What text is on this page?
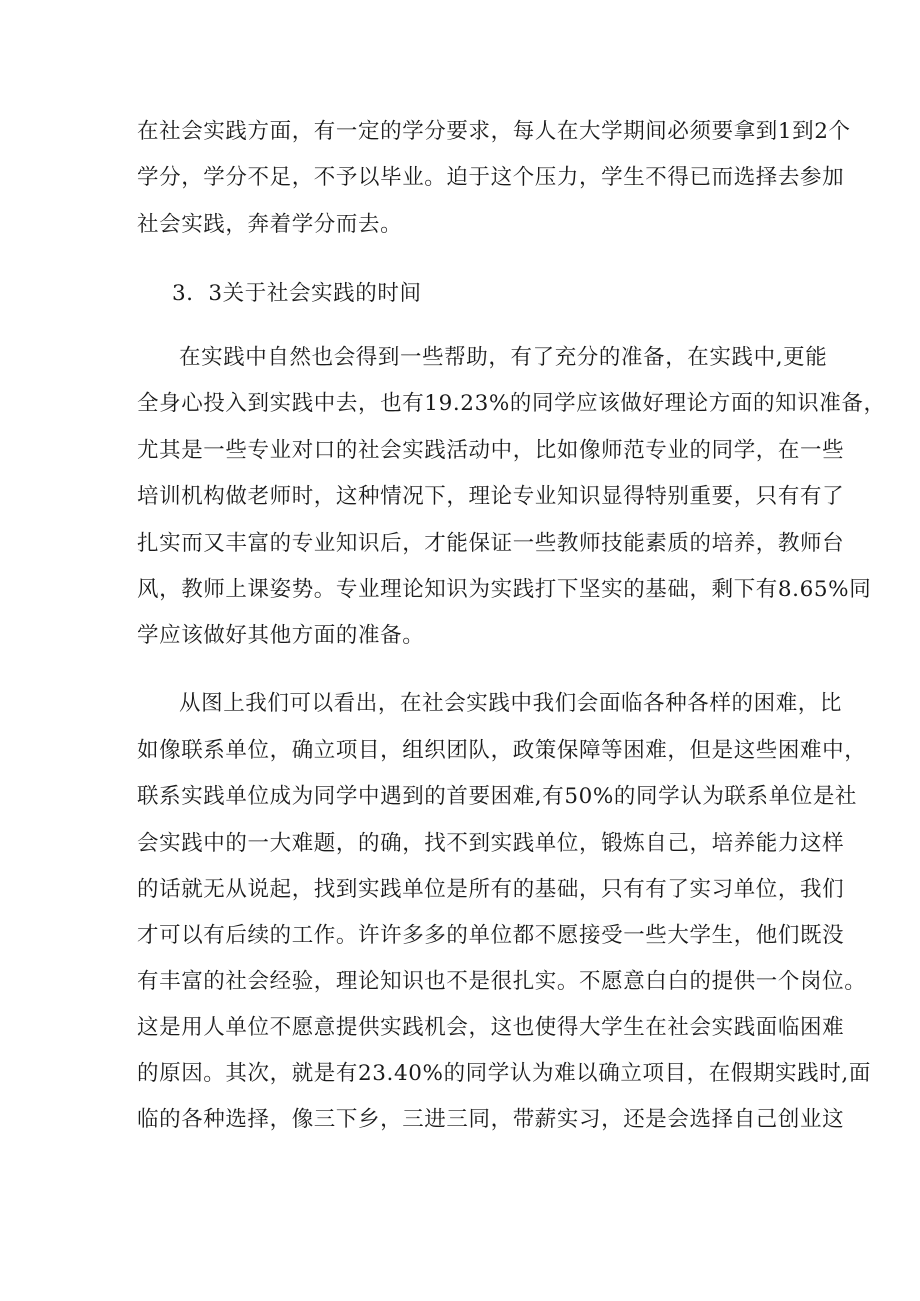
在社会实践方面，有一定的学分要求，每人在大学期间必须要拿到1到2个
学分，学分不足，不予以毕业。迫于这个压力，学生不得已而选择去参加
社会实践，奔着学分而去。
3．3关于社会实践的时间
在实践中自然也会得到一些帮助，有了充分的准备，在实践中,更能
全身心投入到实践中去，也有19.23%的同学应该做好理论方面的知识准备，
尤其是一些专业对口的社会实践活动中，比如像师范专业的同学，在一些
培训机构做老师时，这种情况下，理论专业知识显得特别重要，只有有了
扎实而又丰富的专业知识后，才能保证一些教师技能素质的培养，教师台
风，教师上课姿势。专业理论知识为实践打下坚实的基础，剩下有8.65%同
学应该做好其他方面的准备。
从图上我们可以看出，在社会实践中我们会面临各种各样的困难，比
如像联系单位，确立项目，组织团队，政策保障等困难，但是这些困难中，
联系实践单位成为同学中遇到的首要困难,有50%的同学认为联系单位是社
会实践中的一大难题，的确，找不到实践单位，锻炼自己，培养能力这样
的话就无从说起，找到实践单位是所有的基础，只有有了实习单位，我们
才可以有后续的工作。许许多多的单位都不愿接受一些大学生，他们既没
有丰富的社会经验，理论知识也不是很扎实。不愿意白白的提供一个岗位。
这是用人单位不愿意提供实践机会，这也使得大学生在社会实践面临困难
的原因。其次，就是有23.40%的同学认为难以确立项目，在假期实践时,面
临的各种选择，像三下乡，三进三同，带薪实习，还是会选择自己创业这
